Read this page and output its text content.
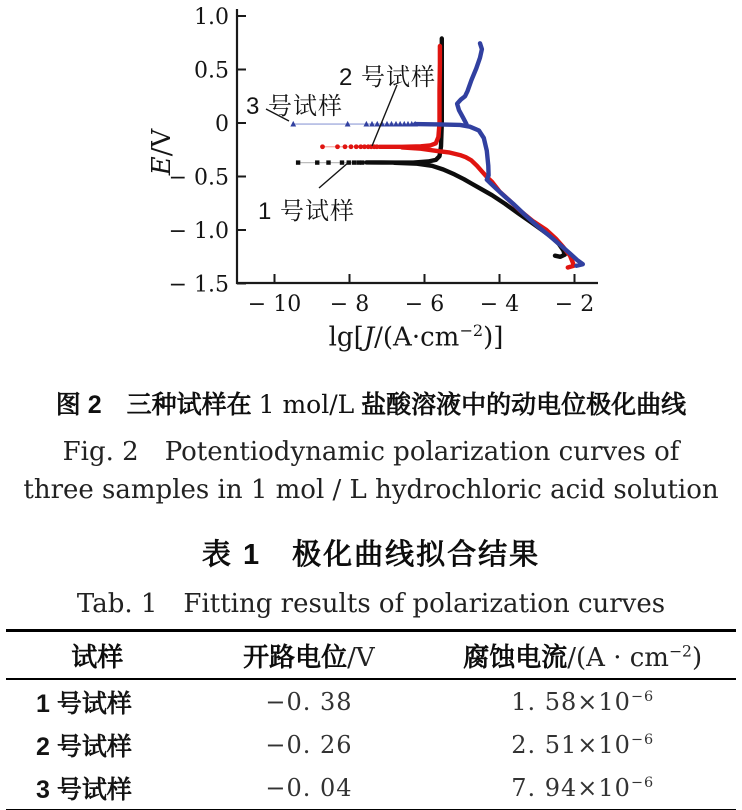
1.0
0.5
0
− 0.5
− 1.0
− 1.5
− 10 − 8 − 6 − 4 − 2
E/V
$\lg[J/(A\cdot cm^{-2})]$
2 号试样
3 号试样
1 号试样
图 2　三种试样在 1 mol/L 盐酸溶液中的动电位极化曲线
Fig. 2　Potentiodynamic polarization curves of
three samples in 1 mol / L hydrochloric acid solution
表 1　极化曲线拟合结果
Tab. 1　Fitting results of polarization curves
试样	开路电位/V	腐蚀电流$/(A \cdot cm^{-2})$
1 号试样	−0. 38	1. $58\times 10^{-6}$
2 号试样	−0. 26	2. $51\times 10^{-6}$
3 号试样	−0. 04	7. $94\times 10^{-6}$
